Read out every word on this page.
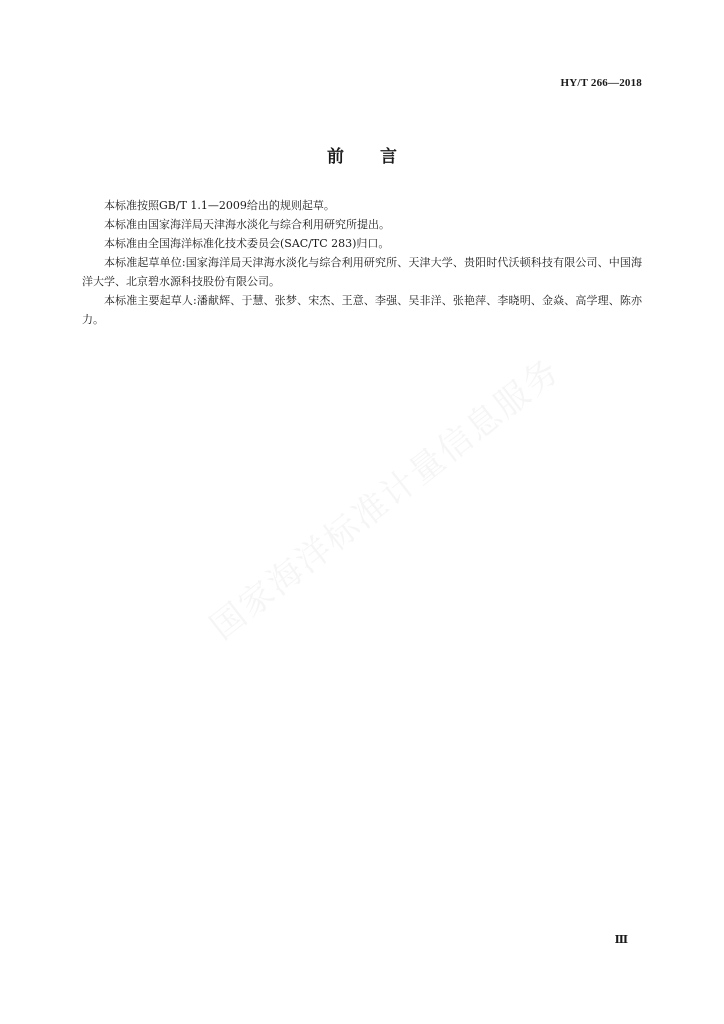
HY/T 266—2018
前 言

本标准按照GB/T 1.1—2009给出的规则起草。

本标准由国家海洋局天津海水淡化与综合利用研究所提出。

本标准由全国海洋标准化技术委员会(SAC/TC 283)归口。

本标准起草单位:国家海洋局天津海水淡化与综合利用研究所、天津大学、贵阳时代沃顿科技有限公司、中国海洋大学、北京碧水源科技股份有限公司。

本标准主要起草人:潘献辉、于慧、张梦、宋杰、王意、李强、吴非洋、张艳萍、李晓明、金焱、高学理、陈亦力。

国家海洋标准计量信息服务
Ⅲ
